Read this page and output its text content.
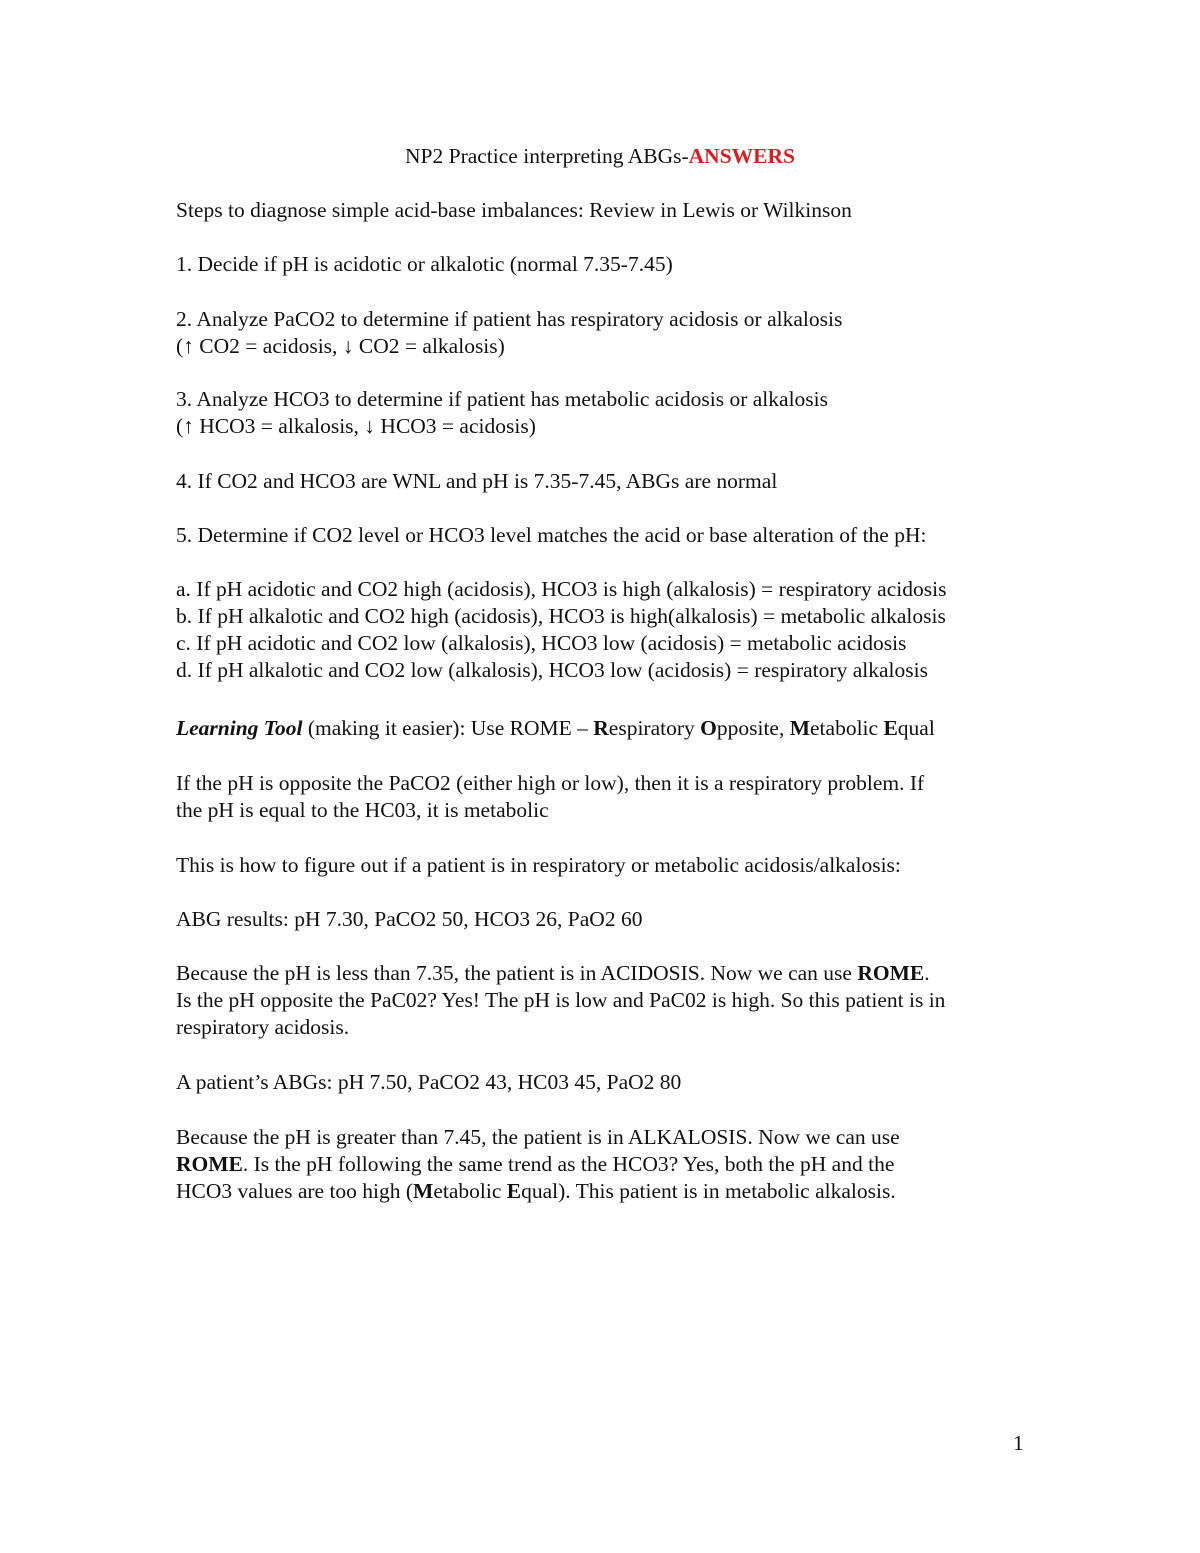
NP2 Practice interpreting ABGs-ANSWERS
Steps to diagnose simple acid-base imbalances: Review in Lewis or Wilkinson
1. Decide if pH is acidotic or alkalotic (normal 7.35-7.45)
2. Analyze PaCO2 to determine if patient has respiratory acidosis or alkalosis
(↑ CO2 = acidosis, ↓ CO2 = alkalosis)
3. Analyze HCO3 to determine if patient has metabolic acidosis or alkalosis
(↑ HCO3 = alkalosis, ↓ HCO3 = acidosis)
4. If CO2 and HCO3 are WNL and pH is 7.35-7.45, ABGs are normal
5. Determine if CO2 level or HCO3 level matches the acid or base alteration of the pH:
a. If pH acidotic and CO2 high (acidosis), HCO3 is high (alkalosis) = respiratory acidosis
b. If pH alkalotic and CO2 high (acidosis), HCO3 is high(alkalosis) = metabolic alkalosis
c. If pH acidotic and CO2 low (alkalosis), HCO3 low (acidosis) = metabolic acidosis
d. If pH alkalotic and CO2 low (alkalosis), HCO3 low (acidosis) = respiratory alkalosis
Learning Tool (making it easier): Use ROME – Respiratory Opposite, Metabolic Equal
If the pH is opposite the PaCO2 (either high or low), then it is a respiratory problem. If
the pH is equal to the HC03, it is metabolic
This is how to figure out if a patient is in respiratory or metabolic acidosis/alkalosis:
ABG results: pH 7.30, PaCO2 50, HCO3 26, PaO2 60
Because the pH is less than 7.35, the patient is in ACIDOSIS. Now we can use ROME.
Is the pH opposite the PaC02? Yes! The pH is low and PaC02 is high. So this patient is in
respiratory acidosis.
A patient’s ABGs: pH 7.50, PaCO2 43, HC03 45, PaO2 80
Because the pH is greater than 7.45, the patient is in ALKALOSIS. Now we can use
ROME. Is the pH following the same trend as the HCO3? Yes, both the pH and the
HCO3 values are too high (Metabolic Equal). This patient is in metabolic alkalosis.
1
